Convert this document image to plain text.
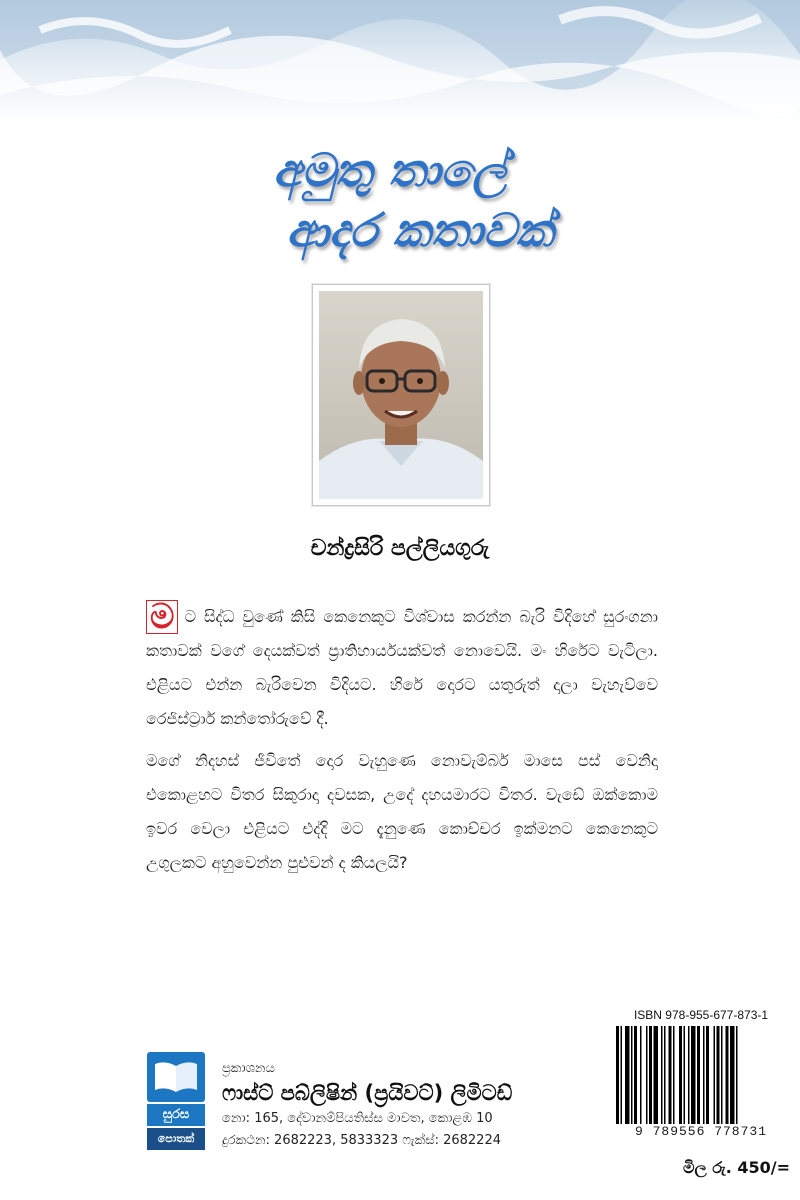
අමුතු තාලේ
ආදර කතාවක්
චන්ද්‍රසිරි පල්ලියගුරු

ම ට සිද්ධ වුණේ කිසි කෙනෙකුට විශ්වාස කරන්න බැරි විදිහේ සුරංගනා කතාවක් වගේ දෙයක්වත් ප්‍රාතිහාර්යයක්වත් නොවෙයි. මං හිරේට වැටිලා. එළියට එන්න බැරිවෙන විදියට. හිරේ දොරට යතුරුත් දාලා වැහැව්වෙ රෙජිස්ට්‍රාර් කන්තෝරුවේ දී.

මගේ නිදහස් ජීවිතේ දොර වැහුණෙ නොවැම්බර් මාසෙ පස් වෙනිදා එකොළහට විතර සිකුරාදා දවසක, උදේ දහයමාරට විතර. වැඩේ ඔක්කොම ඉවර වෙලා එළියට එද්දි මට දැනුණෙ කොච්චර ඉක්මනට කෙනෙකුට උගුලකට අහුවෙන්න පුළුවන් ද කියලයි?

සුරස
පොතක්
ප්‍රකාශනය
ෆාස්ට් පබ්ලිෂින් (ප්‍රයිවට්) ලිමිටඩ්
නො: 165, දේවානම්පියතිස්ස මාවත, කොළඹ 10
දුරකථන: 2682223, 5833323 ෆැක්ස්: 2682224
ISBN 978-955-677-873-1
9 789556 778731
මිල රු. 450/=
